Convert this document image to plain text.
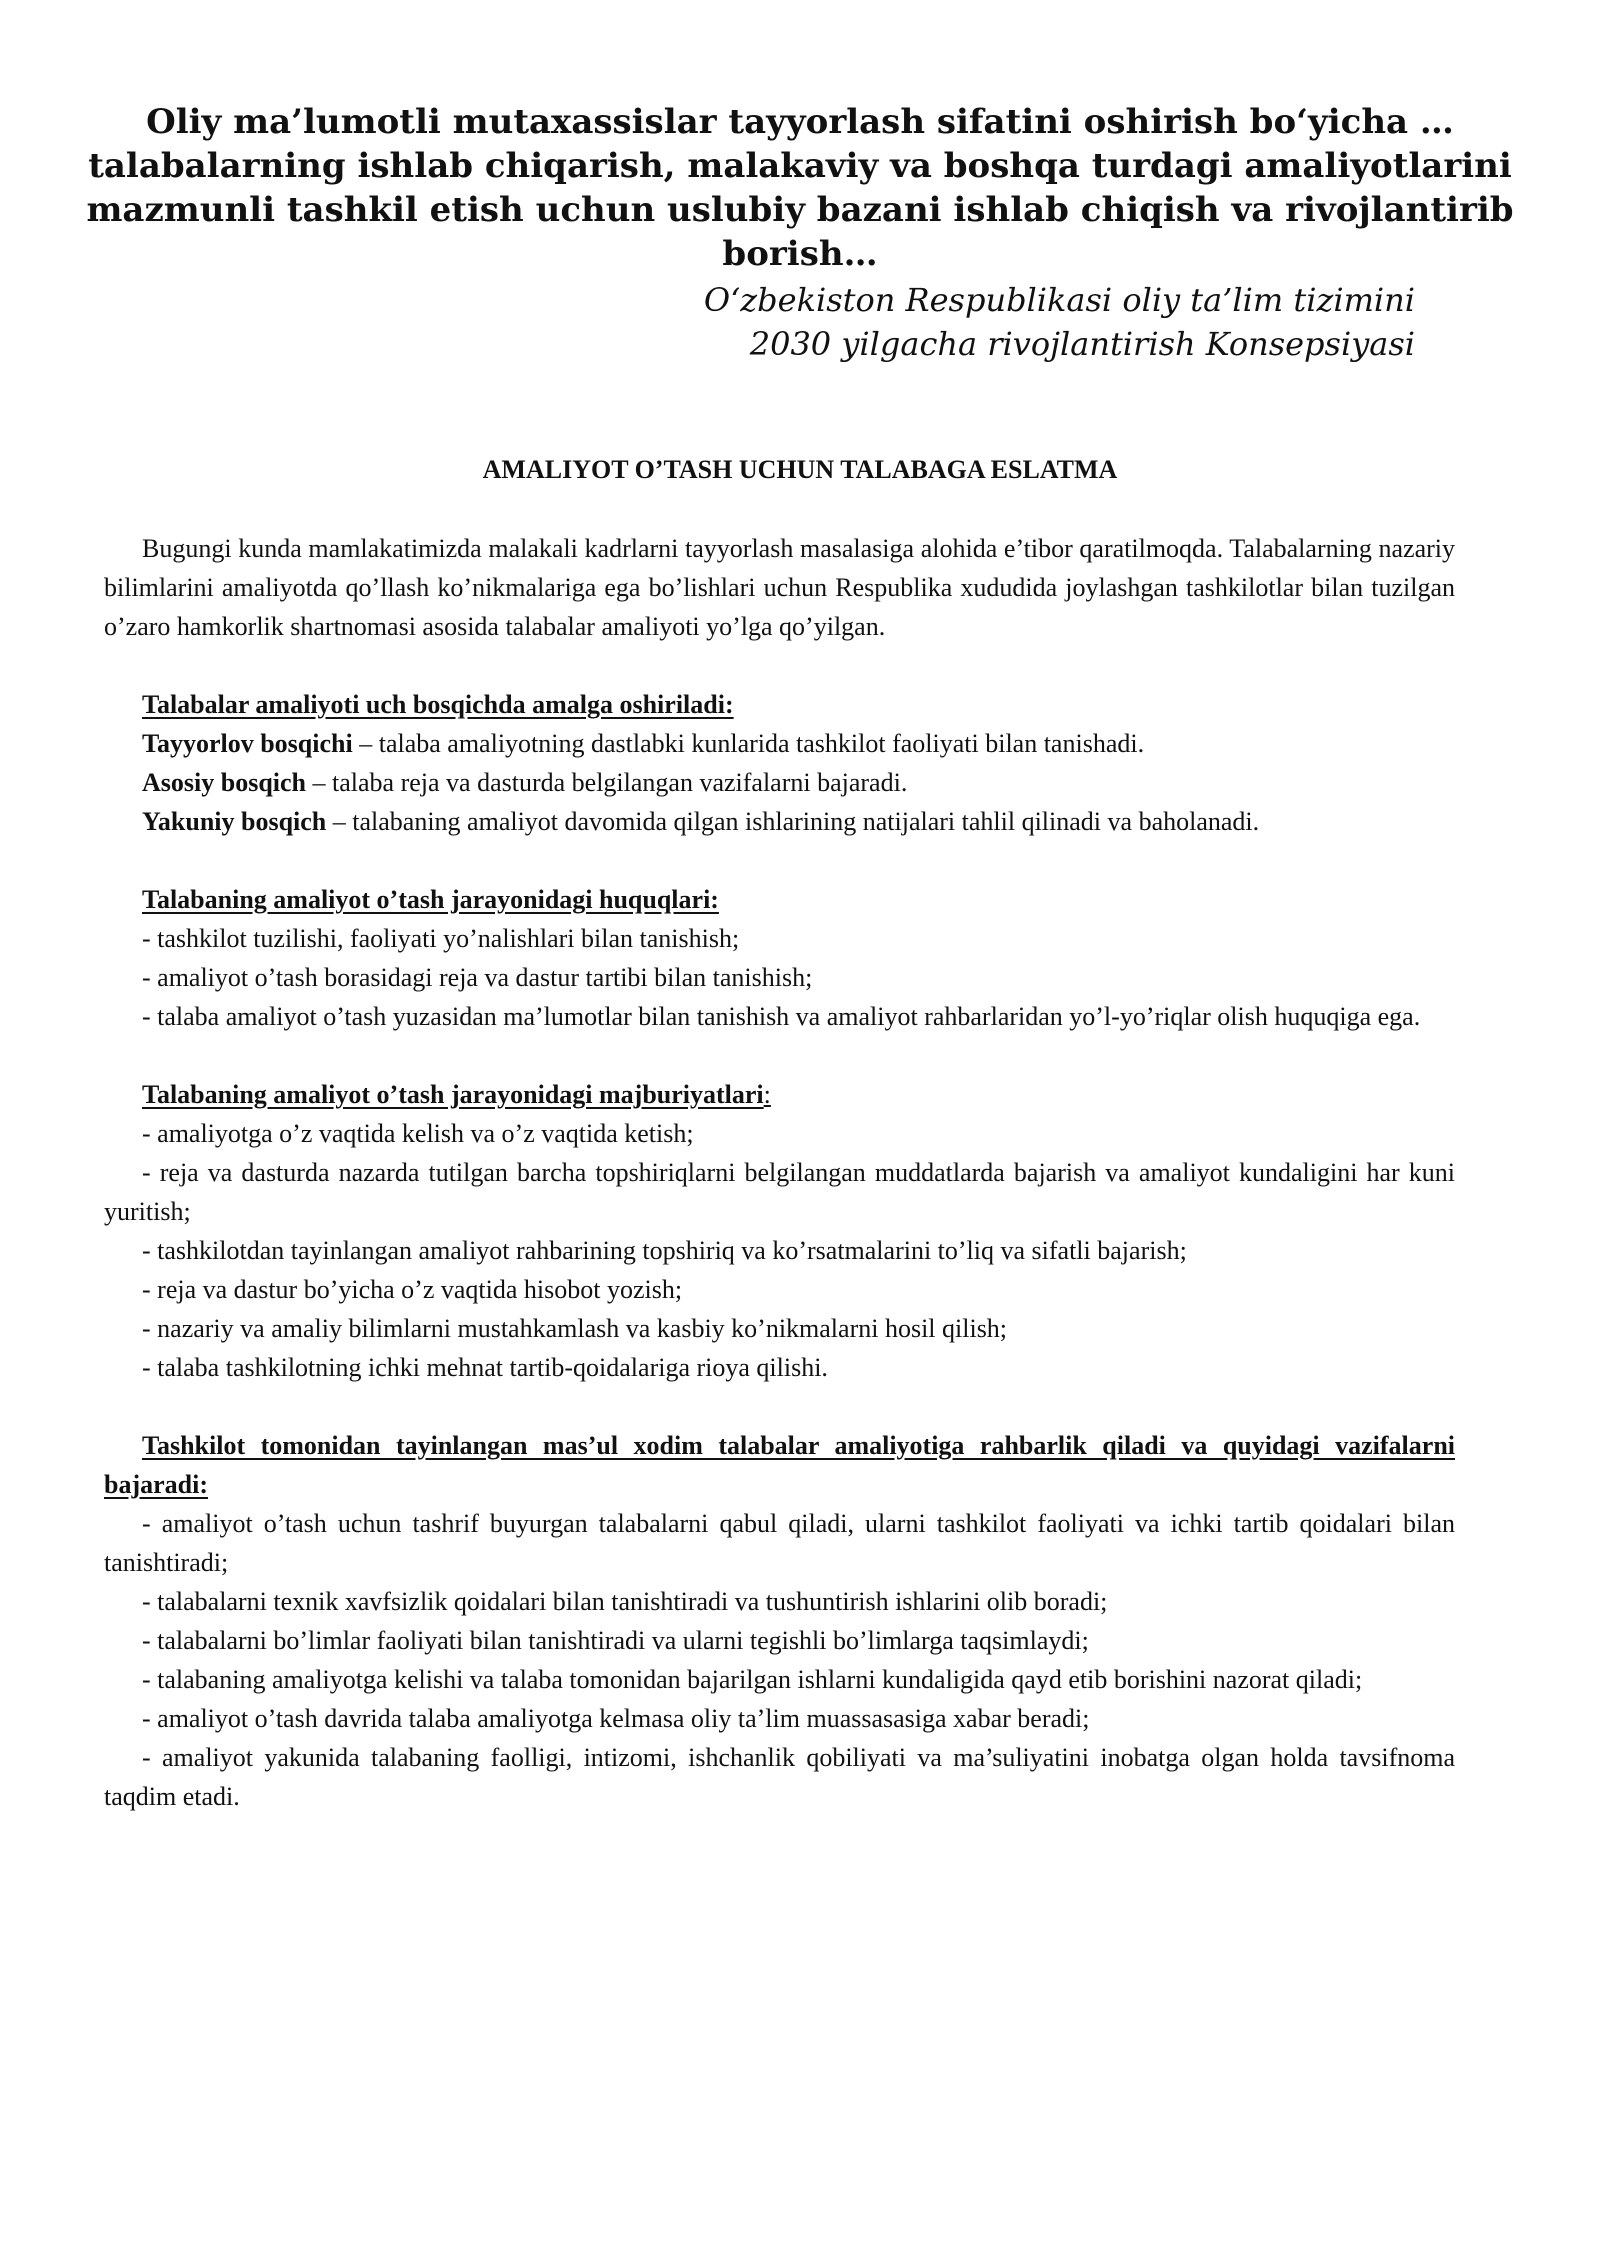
Oliy ma’lumotli mutaxassislar tayyorlash sifatini oshirish bo‘yicha … talabalarning ishlab chiqarish, malakaviy va boshqa turdagi amaliyotlarini mazmunli tashkil etish uchun uslubiy bazani ishlab chiqish va rivojlantirib borish…
O‘zbekiston Respublikasi oliy ta’lim tizimini
2030 yilgacha rivojlantirish Konsepsiyasi
AMALIYOT O’TASH UCHUN TALABAGA ESLATMA

Bugungi kunda mamlakatimizda malakali kadrlarni tayyorlash masalasiga alohida e’tibor qaratilmoqda. Talabalarning nazariy bilimlarini amaliyotda qo’llash ko’nikmalariga ega bo’lishlari uchun Respublika xududida joylashgan tashkilotlar bilan tuzilgan o’zaro hamkorlik shartnomasi asosida talabalar amaliyoti yo’lga qo’yilgan.

Talabalar amaliyoti uch bosqichda amalga oshiriladi:

Tayyorlov bosqichi – talaba amaliyotning dastlabki kunlarida tashkilot faoliyati bilan tanishadi.

Asosiy bosqich – talaba reja va dasturda belgilangan vazifalarni bajaradi.

Yakuniy bosqich – talabaning amaliyot davomida qilgan ishlarining natijalari tahlil qilinadi va baholanadi.

Talabaning amaliyot o’tash jarayonidagi huquqlari:

- tashkilot tuzilishi, faoliyati yo’nalishlari bilan tanishish;

- amaliyot o’tash borasidagi reja va dastur tartibi bilan tanishish;

- talaba amaliyot o’tash yuzasidan ma’lumotlar bilan tanishish va amaliyot rahbarlaridan yo’l-yo’riqlar olish huquqiga ega.

Talabaning amaliyot o’tash jarayonidagi majburiyatlari:

- amaliyotga o’z vaqtida kelish va o’z vaqtida ketish;

- reja va dasturda nazarda tutilgan barcha topshiriqlarni belgilangan muddatlarda bajarish va amaliyot kundaligini har kuni yuritish;

- tashkilotdan tayinlangan amaliyot rahbarining topshiriq va ko’rsatmalarini to’liq va sifatli bajarish;

- reja va dastur bo’yicha o’z vaqtida hisobot yozish;

- nazariy va amaliy bilimlarni mustahkamlash va kasbiy ko’nikmalarni hosil qilish;

- talaba tashkilotning ichki mehnat tartib-qoidalariga rioya qilishi.

Tashkilot tomonidan tayinlangan mas’ul xodim talabalar amaliyotiga rahbarlik qiladi va quyidagi vazifalarni bajaradi:

- amaliyot o’tash uchun tashrif buyurgan talabalarni qabul qiladi, ularni tashkilot faoliyati va ichki tartib qoidalari bilan tanishtiradi;

- talabalarni texnik xavfsizlik qoidalari bilan tanishtiradi va tushuntirish ishlarini olib boradi;

- talabalarni bo’limlar faoliyati bilan tanishtiradi va ularni tegishli bo’limlarga taqsimlaydi;

- talabaning amaliyotga kelishi va talaba tomonidan bajarilgan ishlarni kundaligida qayd etib borishini nazorat qiladi;

- amaliyot o’tash davrida talaba amaliyotga kelmasa oliy ta’lim muassasasiga xabar beradi;

- amaliyot yakunida talabaning faolligi, intizomi, ishchanlik qobiliyati va ma’suliyatini inobatga olgan holda tavsifnoma taqdim etadi.
